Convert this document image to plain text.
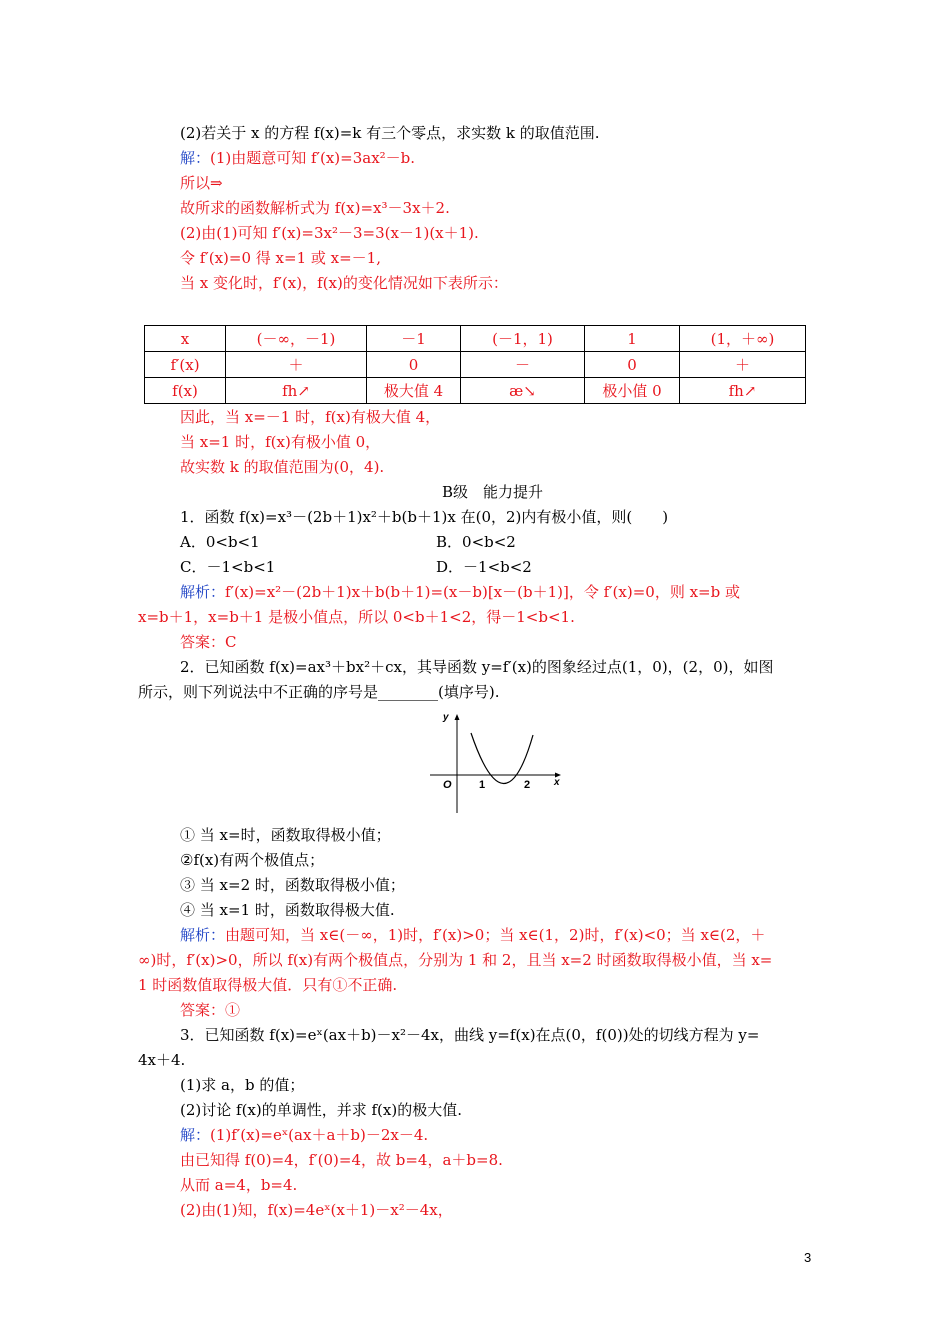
(2)若关于 x 的方程 f(x)=k 有三个零点，求实数 k 的取值范围.

解：(1)由题意可知 f′(x)=3ax²－b.

所以⇒

故所求的函数解析式为 f(x)=x³－3x＋2.

(2)由(1)可知 f′(x)=3x²－3=3(x－1)(x＋1).

令 f′(x)=0 得 x=1 或 x=－1,

当 x 变化时，f′(x)，f(x)的变化情况如下表所示：

x	(－∞，－1)	－1	(－1，1)	1	(1，＋∞)
f′(x)	＋	0	－	0	＋
f(x)	fh↗	极大值 4	æ↘	极小值 0	fh↗

因此，当 x=－1 时，f(x)有极大值 4，

当 x=1 时，f(x)有极小值 0，

故实数 k 的取值范围为(0，4).

B级　能力提升

1．函数 f(x)=x³－(2b＋1)x²＋b(b＋1)x 在(0，2)内有极小值，则(　　)

A．0<b<1	B．0<b<2

C．－1<b<1	D．－1<b<2

解析：f′(x)=x²－(2b＋1)x＋b(b＋1)=(x－b)[x－(b＋1)]，令 f′(x)=0，则 x=b 或

x=b＋1，x=b＋1 是极小值点，所以 0<b＋1<2，得－1<b<1.

答案：C

2．已知函数 f(x)=ax³＋bx²＋cx，其导函数 y=f′(x)的图象经过点(1，0)，(2，0)，如图

所示，则下列说法中不正确的序号是________(填序号).

y
x
O 1	2

① 当 x=时，函数取得极小值；

②f(x)有两个极值点；

③ 当 x=2 时，函数取得极小值；

④ 当 x=1 时，函数取得极大值.

解析：由题可知，当 x∈(－∞，1)时，f′(x)>0；当 x∈(1，2)时，f′(x)<0；当 x∈(2，＋

∞)时，f′(x)>0，所以 f(x)有两个极值点，分别为 1 和 2，且当 x=2 时函数取得极小值，当 x=

1 时函数值取得极大值．只有①不正确.

答案：①

3．已知函数 f(x)=eˣ(ax＋b)－x²－4x，曲线 y=f(x)在点(0，f(0))处的切线方程为 y=

4x＋4.

(1)求 a，b 的值；

(2)讨论 f(x)的单调性，并求 f(x)的极大值.

解：(1)f′(x)=eˣ(ax＋a＋b)－2x－4.

由已知得 f(0)=4，f′(0)=4，故 b=4，a＋b=8.

从而 a=4，b=4.

(2)由(1)知，f(x)=4eˣ(x＋1)－x²－4x，

3
